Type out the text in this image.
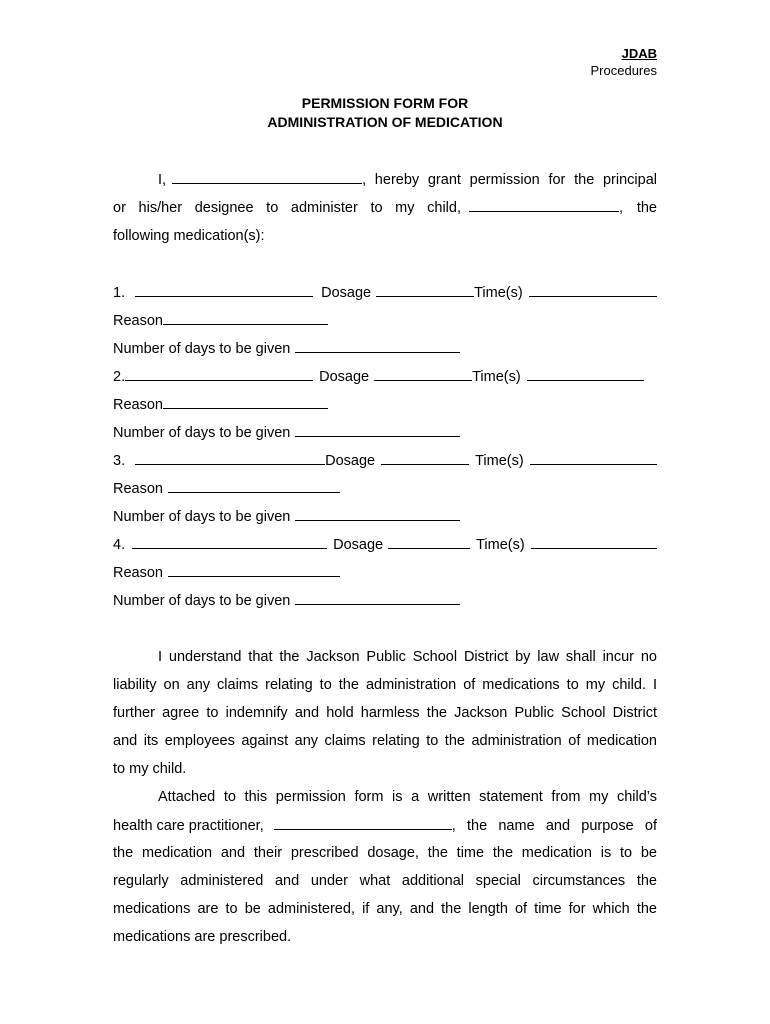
JDAB
Procedures
PERMISSION FORM FOR
ADMINISTRATION OF MEDICATION
I,	, hereby grant permission for the principal
or his/her designee to administer to my child,	, the
following medication(s):
1.	Dosage	Time(s)
Reason
Number of days to be given
2.	Dosage	Time(s)
Reason
Number of days to be given
3.	Dosage	Time(s)
Reason
Number of days to be given
4.	Dosage	Time(s)
Reason
Number of days to be given
I understand that the Jackson Public School District by law shall incur no
liability on any claims relating to the administration of medications to my child. I
further agree to indemnify and hold harmless the Jackson Public School District
and its employees against any claims relating to the administration of medication
to my child.
Attached to this permission form is a written statement from my child’s
health care practitioner,	, the name and purpose of
the medication and their prescribed dosage, the time the medication is to be
regularly administered and under what additional special circumstances the
medications are to be administered, if any, and the length of time for which the
medications are prescribed.
